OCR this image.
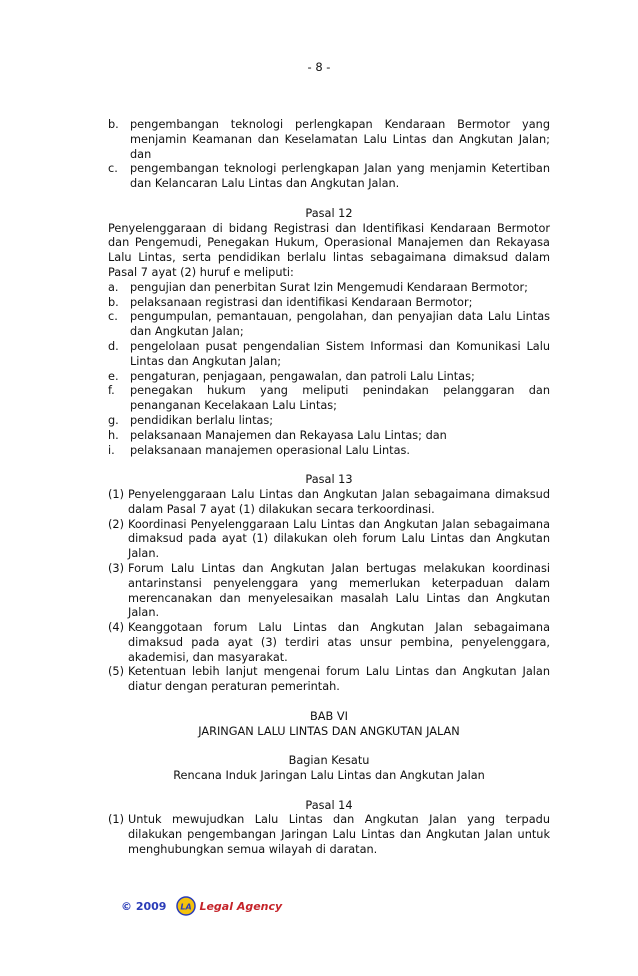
- 8 -
b. pengembangan teknologi perlengkapan Kendaraan Bermotor yang menjamin Keamanan dan Keselamatan Lalu Lintas dan Angkutan Jalan; dan
c.	pengembangan teknologi perlengkapan Jalan yang menjamin Ketertiban dan Kelancaran Lalu Lintas dan Angkutan Jalan.
Pasal 12
Penyelenggaraan di bidang Registrasi dan Identifikasi Kendaraan Bermotor dan Pengemudi, Penegakan Hukum, Operasional Manajemen dan Rekayasa Lalu Lintas, serta pendidikan berlalu lintas sebagaimana dimaksud dalam Pasal 7 ayat (2) huruf e meliputi:
a.	pengujian dan penerbitan Surat Izin Mengemudi Kendaraan Bermotor;
b. pelaksanaan registrasi dan identifikasi Kendaraan Bermotor;
c.	pengumpulan, pemantauan, pengolahan, dan penyajian data Lalu Lintas dan Angkutan Jalan;
d. pengelolaan pusat pengendalian Sistem Informasi dan Komunikasi Lalu Lintas dan Angkutan Jalan;
e.	pengaturan, penjagaan, pengawalan, dan patroli Lalu Lintas;
f.	penegakan hukum yang meliputi penindakan pelanggaran dan penanganan Kecelakaan Lalu Lintas;
g. pendidikan berlalu lintas;
h. pelaksanaan Manajemen dan Rekayasa Lalu Lintas; dan
i.	pelaksanaan manajemen operasional Lalu Lintas.
Pasal 13
(1) Penyelenggaraan Lalu Lintas dan Angkutan Jalan sebagaimana dimaksud dalam Pasal 7 ayat (1) dilakukan secara terkoordinasi.
(2) Koordinasi Penyelenggaraan Lalu Lintas dan Angkutan Jalan sebagaimana dimaksud pada ayat (1) dilakukan oleh forum Lalu Lintas dan Angkutan Jalan.
(3) Forum Lalu Lintas dan Angkutan Jalan bertugas melakukan koordinasi antarinstansi penyelenggara yang memerlukan keterpaduan dalam merencanakan dan menyelesaikan masalah Lalu Lintas dan Angkutan Jalan.
(4) Keanggotaan forum Lalu Lintas dan Angkutan Jalan sebagaimana dimaksud pada ayat (3) terdiri atas unsur pembina, penyelenggara, akademisi, dan masyarakat.
(5) Ketentuan lebih lanjut mengenai forum Lalu Lintas dan Angkutan Jalan diatur dengan peraturan pemerintah.
BAB VI
JARINGAN LALU LINTAS DAN ANGKUTAN JALAN
Bagian Kesatu
Rencana Induk Jaringan Lalu Lintas dan Angkutan Jalan
Pasal 14
(1) Untuk mewujudkan Lalu Lintas dan Angkutan Jalan yang terpadu dilakukan pengembangan Jaringan Lalu Lintas dan Angkutan Jalan untuk menghubungkan semua wilayah di daratan.
© 2009 LA Legal Agency
